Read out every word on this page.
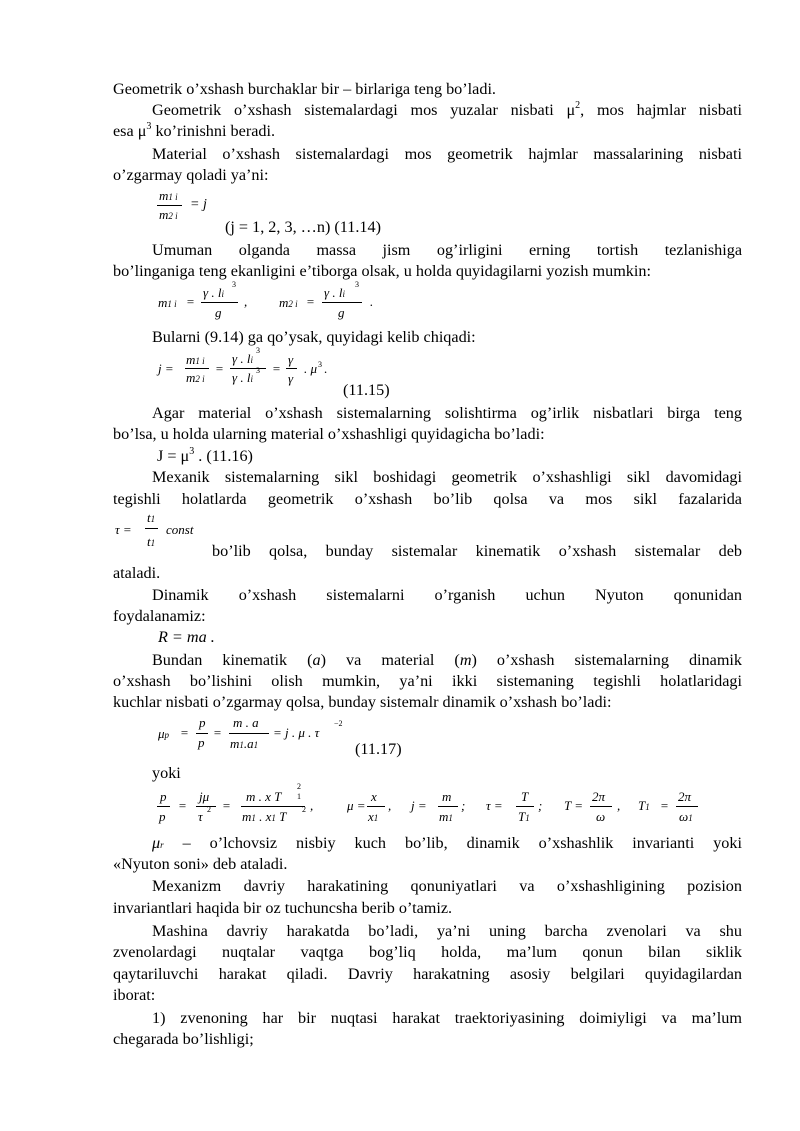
Geometrik o’xshash burchaklar bir – birlariga teng bo’ladi.
Geometrik o’xshash sistemalardagi mos yuzalar nisbati $\mu^2$, mos hajmlar nisbati
esa $\mu^3$ ko’rinishni beradi.
Material o’xshash sistemalardagi mos geometrik hajmlar massalarining nisbati
o’zgarmay qoladi ya’ni:
m1 i
m2 i
= j
(j = 1, 2, 3, …n) (11.14)
Umuman olganda massa jism og’irligini erning tortish tezlanishiga
bo’linganiga teng ekanligini e’tiborga olsak, u holda quyidagilarni yozish mumkin:
m1 i =
γ . li
3
g
, m2 i =
γ . li
3
g
.
Bularni (9.14) ga qo’ysak, quyidagi kelib chiqadi:
j =
m1 i
m2 i
=
γ . li
3
γ . li
3 =
γ
γ
. $\mu^3$ .
(11.15)
Agar material o’xshash sistemalarning solishtirma og’irlik nisbatlari birga teng
bo’lsa, u holda ularning material o’xshashligi quyidagicha bo’ladi:
$J = \mu^3$ . (11.16)
Mexanik sistemalarning sikl boshidagi geometrik o’xshashligi sikl davomidagi
tegishli holatlarda geometrik o’xshash bo’lib qolsa va mos sikl fazalarida
τ =
t1
t1
const
bo’lib qolsa, bunday sistemalar kinematik o’xshash sistemalar deb
ataladi.
Dinamik o’xshash sistemalarni o’rganish uchun Nyuton qonunidan
foydalanamiz:
R = ma .
Bundan kinematik (a) va material (m) o’xshash sistemalarning dinamik
o’xshash bo’lishini olish mumkin, ya’ni ikki sistemaning tegishli holatlaridagi
kuchlar nisbati o’zgarmay qolsa, bunday sistemalr dinamik o’xshash bo’ladi:
μp =
p
p
=
m . a
m1.a1
= j . μ . τ
−2
(11.17)
yoki
p
p
=
jμ
τ 2 =
m . x T
2
1
m1 . x1 T 2 ,	μ =
x
x1
, j =
m
m1
; τ =
T
T1
; T =
2π
ω
, T1 =
2π
ω1
μr – o’lchovsiz nisbiy kuch bo’lib, dinamik o’xshashlik invarianti yoki
«Nyuton soni» deb ataladi.
Mexanizm davriy harakatining qonuniyatlari va o’xshashligining pozision
invariantlari haqida bir oz tuchuncsha berib o’tamiz.
Mashina davriy harakatda bo’ladi, ya’ni uning barcha zvenolari va shu
zvenolardagi nuqtalar vaqtga bog’liq holda, ma’lum qonun bilan siklik
qaytariluvchi harakat qiladi. Davriy harakatning asosiy belgilari quyidagilardan
iborat:
1) zvenoning har bir nuqtasi harakat traektoriyasining doimiyligi va ma’lum
chegarada bo’lishligi;
